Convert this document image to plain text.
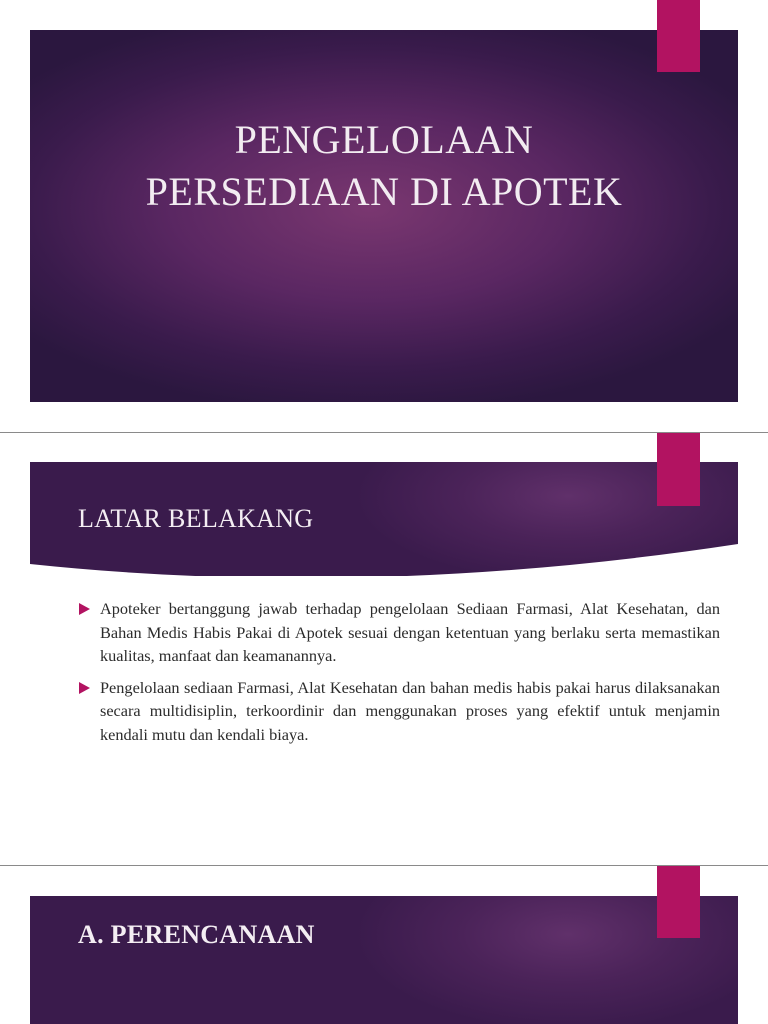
PENGELOLAAN
PERSEDIAAN DI APOTEK
LATAR BELAKANG
Apoteker bertanggung jawab terhadap pengelolaan Sediaan Farmasi, Alat Kesehatan, dan Bahan Medis Habis Pakai di Apotek sesuai dengan ketentuan yang berlaku serta memastikan kualitas, manfaat dan keamanannya.
Pengelolaan sediaan Farmasi, Alat Kesehatan dan bahan medis habis pakai harus dilaksanakan secara multidisiplin, terkoordinir dan menggunakan proses yang efektif untuk menjamin kendali mutu dan kendali biaya.
A. PERENCANAAN
